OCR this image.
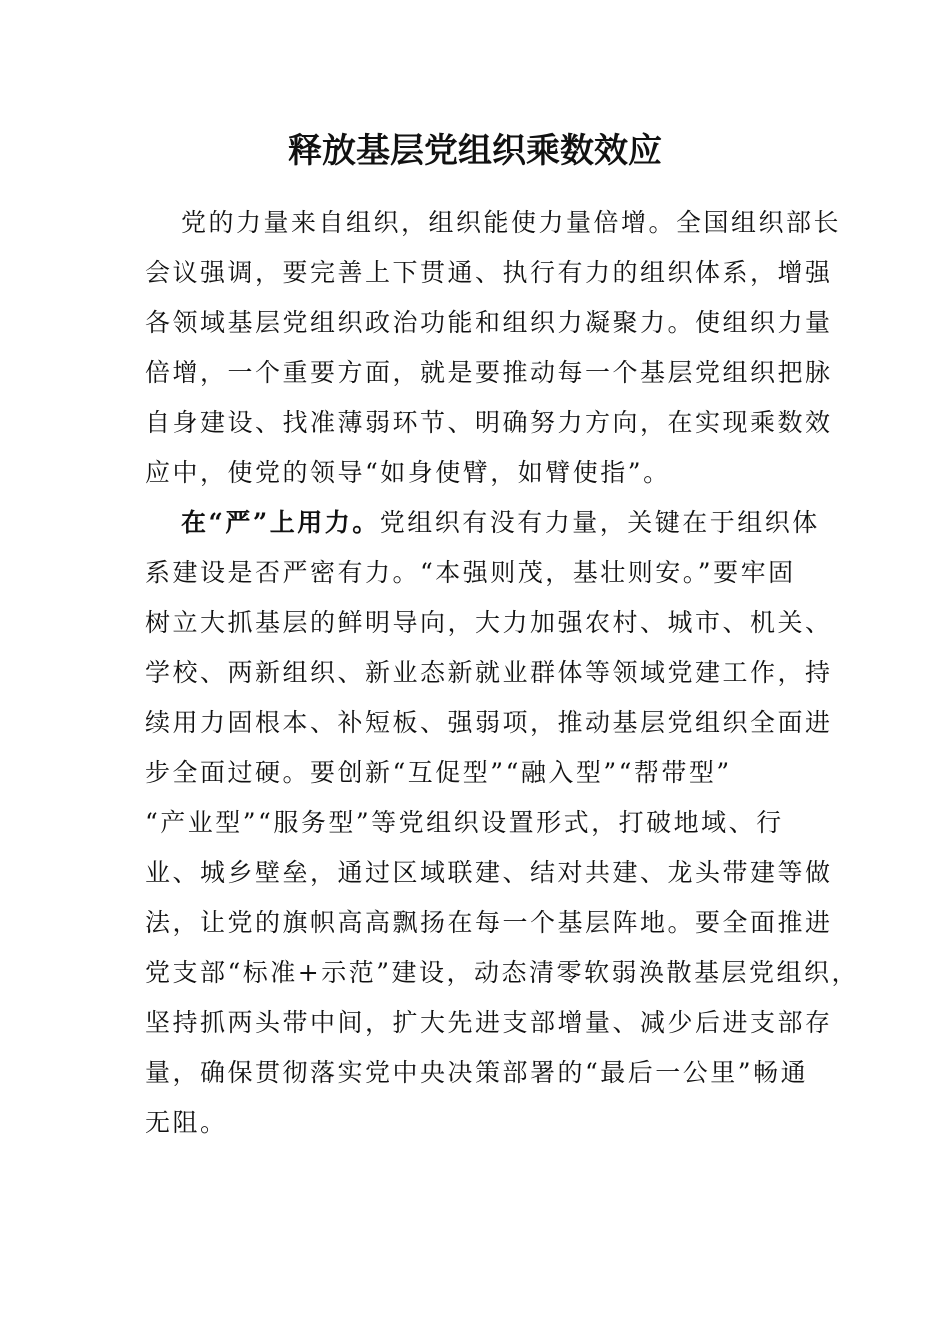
释放基层党组织乘数效应
党的力量来自组织，组织能使力量倍增。全国组织部长
会议强调，要完善上下贯通、执行有力的组织体系，增强
各领域基层党组织政治功能和组织力凝聚力。使组织力量
倍增，一个重要方面，就是要推动每一个基层党组织把脉
自身建设、找准薄弱环节、明确努力方向，在实现乘数效
应中，使党的领导“如身使臂，如臂使指”。
在“严”上用力。党组织有没有力量，关键在于组织体
系建设是否严密有力。“本强则茂，基壮则安。”要牢固
树立大抓基层的鲜明导向，大力加强农村、城市、机关、
学校、两新组织、新业态新就业群体等领域党建工作，持
续用力固根本、补短板、强弱项，推动基层党组织全面进
步全面过硬。要创新“互促型”“融入型”“帮带型”
“产业型”“服务型”等党组织设置形式，打破地域、行
业、城乡壁垒，通过区域联建、结对共建、龙头带建等做
法，让党的旗帜高高飘扬在每一个基层阵地。要全面推进
党支部“标准+示范”建设，动态清零软弱涣散基层党组织，
坚持抓两头带中间，扩大先进支部增量、减少后进支部存
量，确保贯彻落实党中央决策部署的“最后一公里”畅通
无阻。
